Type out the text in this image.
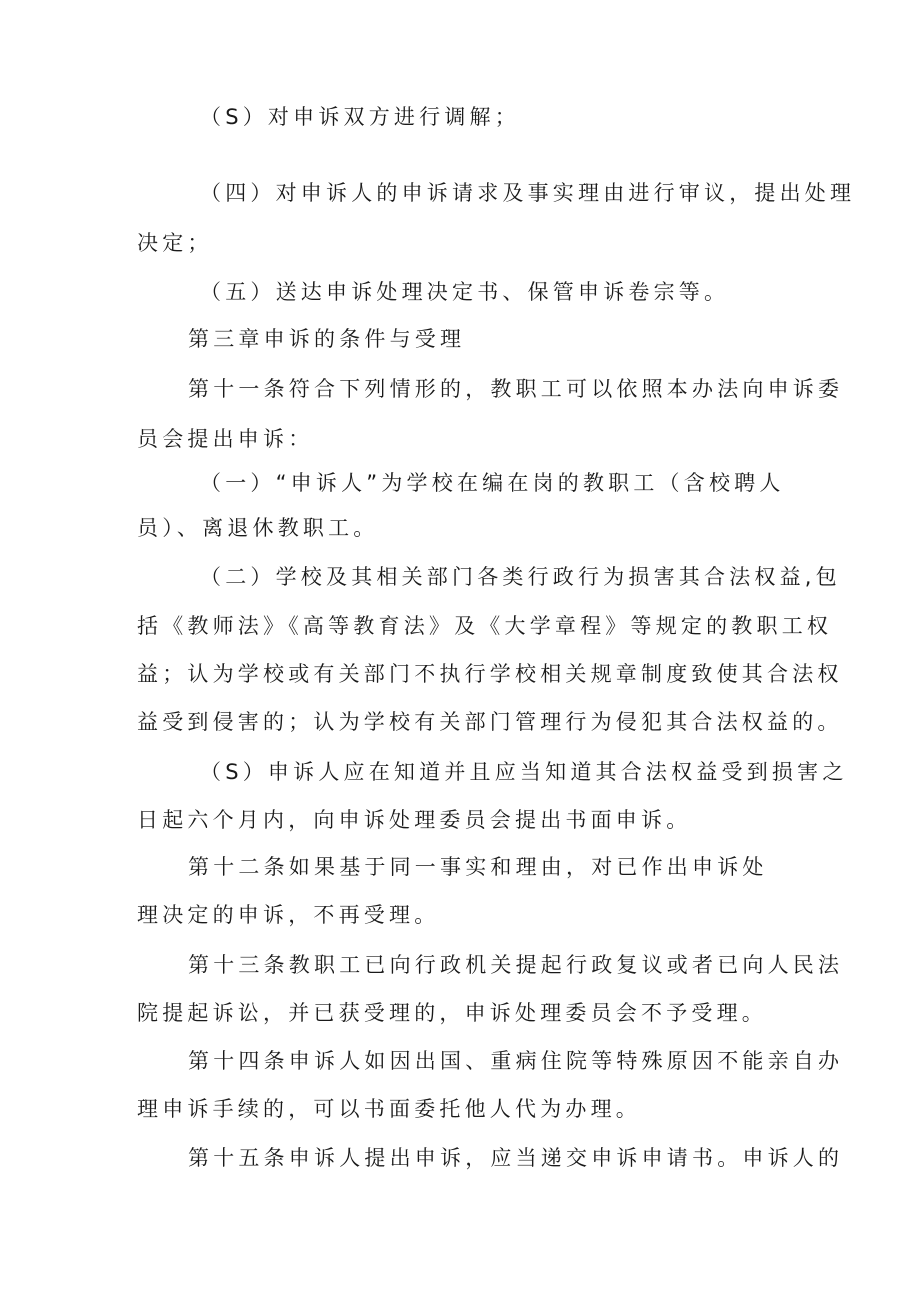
（S）对申诉双方进行调解；
（四）对申诉人的申诉请求及事实理由进行审议，提出处理
决定；
（五）送达申诉处理决定书、保管申诉卷宗等。
第三章申诉的条件与受理
第十一条符合下列情形的，教职工可以依照本办法向申诉委
员会提出申诉：
（一）“申诉人”为学校在编在岗的教职工（含校聘人
员）、离退休教职工。
（二）学校及其相关部门各类行政行为损害其合法权益,包
括《教师法》《高等教育法》及《大学章程》等规定的教职工权
益；认为学校或有关部门不执行学校相关规章制度致使其合法权
益受到侵害的；认为学校有关部门管理行为侵犯其合法权益的。
（S）申诉人应在知道并且应当知道其合法权益受到损害之
日起六个月内，向申诉处理委员会提出书面申诉。
第十二条如果基于同一事实和理由，对已作出申诉处
理决定的申诉，不再受理。
第十三条教职工已向行政机关提起行政复议或者已向人民法
院提起诉讼，并已获受理的，申诉处理委员会不予受理。
第十四条申诉人如因出国、重病住院等特殊原因不能亲自办
理申诉手续的，可以书面委托他人代为办理。
第十五条申诉人提出申诉，应当递交申诉申请书。申诉人的
